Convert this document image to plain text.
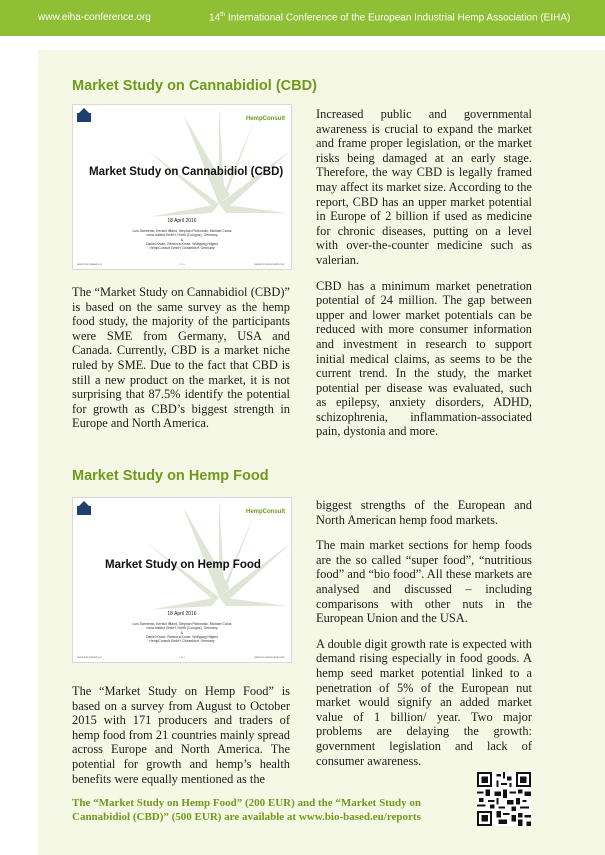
www.eiha-conference.org	14th International Conference of the European Industrial Hemp Association (EIHA)
Market Study on Cannabidiol (CBD)
HempConsult
Market Study on Cannabidiol (CBD)
18 April 2016
Luis Sarmento, Kerstin Iffland, Stephan Piotrowski, Michael Carus
nova-Institut GmbH, Hürth (Cologne), Germany
&
Daniel Kruse, Rebecca Kruse, Wolfgang Hilgers
HempConsult GmbH, Düsseldorf, Germany
www.bio-based.eu	• 1 •	www.hempconsult.com

The “Market Study on Cannabidiol (CBD)” is based on the same survey as the hemp food study, the majority of the participants were SME from Germany, USA and Canada. Currently, CBD is a market niche ruled by SME. Due to the fact that CBD is still a new product on the market, it is not surprising that 87.5% identify the potential for growth as CBD’s biggest strength in Europe and North America.

Increased public and governmental awareness is crucial to expand the market and frame proper legislation, or the market risks being damaged at an early stage. Therefore, the way CBD is legally framed may affect its market size. According to the report, CBD has an upper market potential in Europe of 2 billion if used as medicine for chronic diseases, putting on a level with over-the-counter medicine such as valerian.

CBD has a minimum market penetration potential of 24 million. The gap between upper and lower market potentials can be reduced with more consumer information and investment in research to support initial medical claims, as seems to be the current trend. In the study, the market potential per disease was evaluated, such as epilepsy, anxiety disorders, ADHD, schizophrenia, inflammation-associated pain, dystonia and more.

Market Study on Hemp Food
HempConsult
Market Study on Hemp Food
18 April 2016
Luis Sarmento, Kerstin Iffland, Stephan Piotrowski, Michael Carus
nova-Institut GmbH, Hürth (Cologne), Germany
&
Daniel Kruse, Rebecca Kruse, Wolfgang Hilgers
HempConsult GmbH, Düsseldorf, Germany
www.bio-based.eu	• 1 •	www.hempconsult.com

The “Market Study on Hemp Food” is based on a survey from August to October 2015 with 171 producers and traders of hemp food from 21 countries mainly spread across Europe and North America. The potential for growth and hemp’s health benefits were equally mentioned as the

biggest strengths of the European and North American hemp food markets.

The main market sections for hemp foods are the so called “super food”, “nutritious food” and “bio food”. All these markets are analysed and discussed – including comparisons with other nuts in the European Union and the USA.

A double digit growth rate is expected with demand rising especially in food goods. A hemp seed market potential linked to a penetration of 5% of the European nut market would signify an added market value of 1 billion/ year. Two major problems are delaying the growth: government legislation and lack of consumer awareness.

The “Market Study on Hemp Food” (200 EUR) and the “Market Study on Cannabidiol (CBD)” (500 EUR) are available at www.bio-based.eu/reports
